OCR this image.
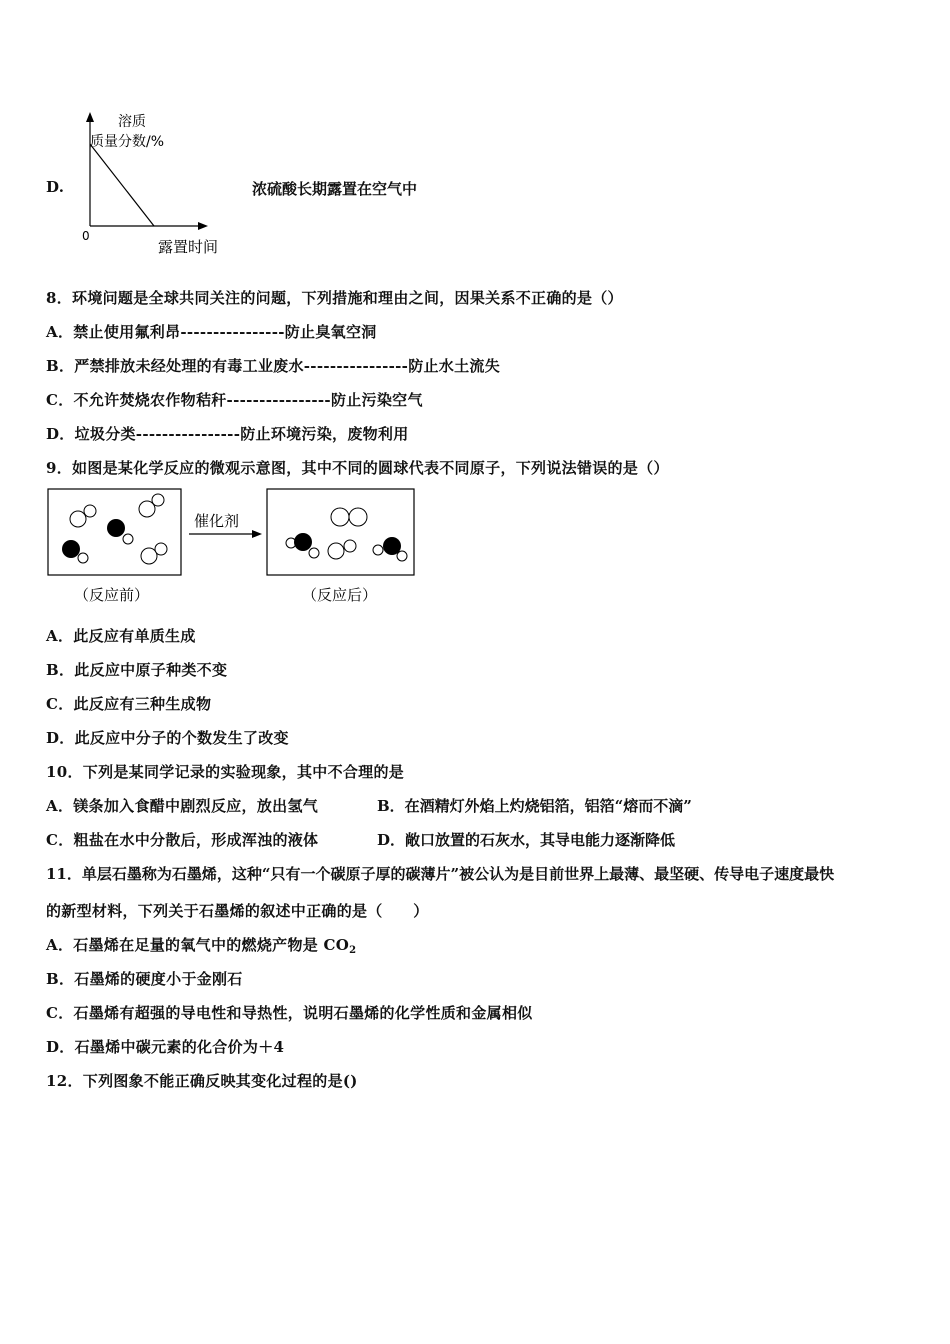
D.
溶质
质量分数/%
0
露置时间
浓硫酸长期露置在空气中
8．环境问题是全球共同关注的问题，下列措施和理由之间，因果关系不正确的是（）
A．禁止使用氟利昂----------------防止臭氧空洞
B．严禁排放未经处理的有毒工业废水----------------防止水土流失
C．不允许焚烧农作物秸秆----------------防止污染空气
D．垃圾分类----------------防止环境污染，废物利用
9．如图是某化学反应的微观示意图，其中不同的圆球代表不同原子，下列说法错误的是（）
催化剂
（反应前）	（反应后）
A．此反应有单质生成
B．此反应中原子种类不变
C．此反应有三种生成物
D．此反应中分子的个数发生了改变
10．下列是某同学记录的实验现象，其中不合理的是
A．镁条加入食醋中剧烈反应，放出氢气	B．在酒精灯外焰上灼烧铝箔，铝箔“熔而不滴”
C．粗盐在水中分散后，形成浑浊的液体	D．敞口放置的石灰水，其导电能力逐渐降低
11．单层石墨称为石墨烯，这种“只有一个碳原子厚的碳薄片”被公认为是目前世界上最薄、最坚硬、传导电子速度最快
的新型材料，下列关于石墨烯的叙述中正确的是（　　）
A．石墨烯在足量的氧气中的燃烧产物是 $CO_2$
B．石墨烯的硬度小于金刚石
C．石墨烯有超强的导电性和导热性，说明石墨烯的化学性质和金属相似
D．石墨烯中碳元素的化合价为＋4
12．下列图象不能正确反映其变化过程的是()
